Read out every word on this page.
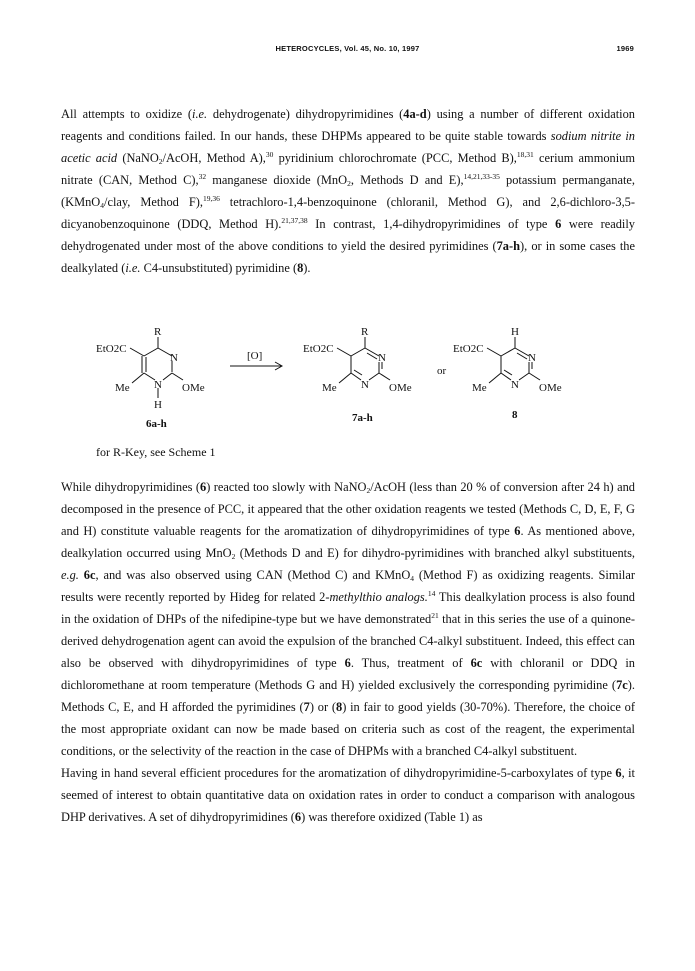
HETEROCYCLES, Vol. 45, No. 10, 1997	1969

All attempts to oxidize (i.e. dehydrogenate) dihydropyrimidines (4a-d) using a number of different oxidation reagents and conditions failed. In our hands, these DHPMs appeared to be quite stable towards sodium nitrite in acetic acid (NaNO$_2$/AcOH, Method A),$^{30}$ pyridinium chlorochromate (PCC, Method B),$^{18,31}$ cerium ammonium nitrate (CAN, Method C),$^{32}$ manganese dioxide (MnO$_2$, Methods D and E),$^{14,21,33-35}$ potassium permanganate, (KMnO$_4$/clay, Method F),$^{19,36}$ tetrachloro-1,4-benzoquinone (chloranil, Method G), and 2,6-dichloro-3,5-dicyanobenzoquinone (DDQ, Method H).$^{21,37,38}$ In contrast, 1,4-dihydropyrimidines of type 6 were readily dehydrogenated under most of the above conditions to yield the desired pyrimidines (7a-h), or in some cases the dealkylated (i.e. C4-unsubstituted) pyrimidine (8).

R
EtO2C
N
N
Me	OMe
H
6a-h
[O]
R
EtO2C
N
N
Me	OMe
7a-h
or
H
EtO2C
N
N
Me	OMe
8
for R-Key, see Scheme 1

While dihydropyrimidines (6) reacted too slowly with NaNO$_2$/AcOH (less than 20 % of conversion after 24 h) and decomposed in the presence of PCC, it appeared that the other oxidation reagents we tested (Methods C, D, E, F, G and H) constitute valuable reagents for the aromatization of dihydropyrimidines of type 6. As mentioned above, dealkylation occurred using MnO$_2$ (Methods D and E) for dihydro-pyrimidines with branched alkyl substituents, e.g. 6c, and was also observed using CAN (Method C) and KMnO$_4$ (Method F) as oxidizing reagents. Similar results were recently reported by Hideg for related 2-methylthio analogs.$^{14}$ This dealkylation process is also found in the oxidation of DHPs of the nifedipine-type but we have demonstrated$^{21}$ that in this series the use of a quinone-derived dehydrogenation agent can avoid the expulsion of the branched C4-alkyl substituent. Indeed, this effect can also be observed with dihydropyrimidines of type 6. Thus, treatment of 6c with chloranil or DDQ in dichloromethane at room temperature (Methods G and H) yielded exclusively the corresponding pyrimidine (7c). Methods C, E, and H afforded the pyrimidines (7) or (8) in fair to good yields (30-70%). Therefore, the choice of the most appropriate oxidant can now be made based on criteria such as cost of the reagent, the experimental conditions, or the selectivity of the reaction in the case of DHPMs with a branched C4-alkyl substituent.

Having in hand several efficient procedures for the aromatization of dihydropyrimidine-5-carboxylates of type 6, it seemed of interest to obtain quantitative data on oxidation rates in order to conduct a comparison with analogous DHP derivatives. A set of dihydropyrimidines (6) was therefore oxidized (Table 1) as
